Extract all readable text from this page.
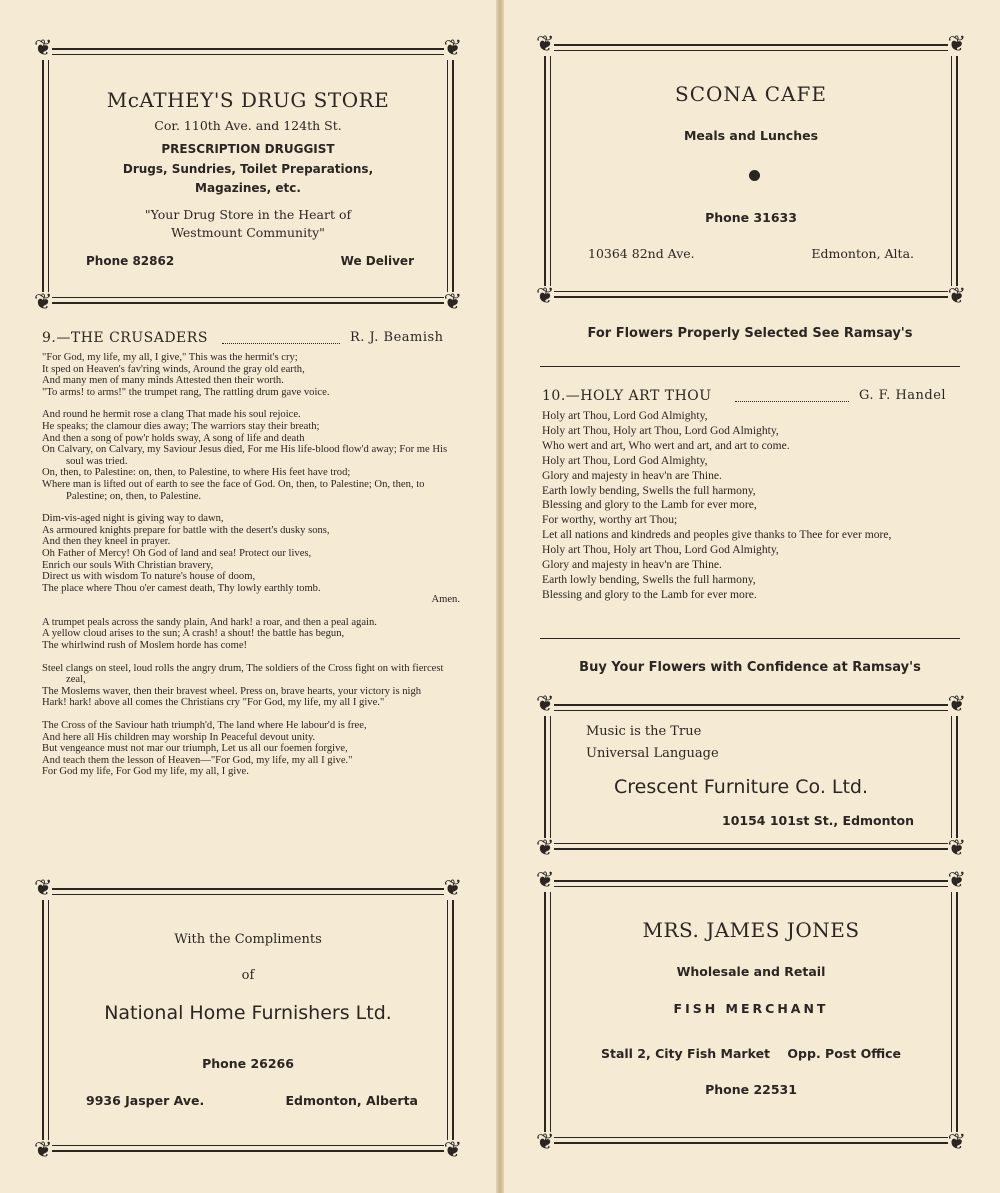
❦	❦
❦	❦
McATHEY'S DRUG STORE
Cor. 110th Ave. and 124th St.
PRESCRIPTION DRUGGIST
Drugs, Sundries, Toilet Preparations,
Magazines, etc.
"Your Drug Store in the Heart of
Westmount Community"
Phone 82862	We Deliver
9.—THE CRUSADERS	R. J. Beamish

"For God, my life, my all, I give," This was the hermit's cry;
It sped on Heaven's fav'ring winds, Around the gray old earth,
And many men of many minds Attested then their worth.
"To arms! to arms!" the trumpet rang, The rattling drum gave voice.

And round he hermit rose a clang That made his soul rejoice.
He speaks; the clamour dies away; The warriors stay their breath;
And then a song of pow'r holds sway, A song of life and death
On Calvary, on Calvary, my Saviour Jesus died, For me His life-blood flow'd away; For me His soul was tried.
On, then, to Palestine: on, then, to Palestine, to where His feet have trod;
Where man is lifted out of earth to see the face of God. On, then, to Palestine; On, then, to Palestine; on, then, to Palestine.

Dim-vis-aged night is giving way to dawn,
As armoured knights prepare for battle with the desert's dusky sons,
And then they kneel in prayer.
Oh Father of Mercy! Oh God of land and sea! Protect our lives,
Enrich our souls With Christian bravery,
Direct us with wisdom To nature's house of doom,
The place where Thou o'er camest death, Thy lowly earthly tomb.

Amen.

A trumpet peals across the sandy plain, And hark! a roar, and then a peal again.
A yellow cloud arises to the sun; A crash! a shout! the battle has begun,
The whirlwind rush of Moslem horde has come!

Steel clangs on steel, loud rolls the angry drum, The soldiers of the Cross fight on with fiercest zeal,
The Moslems waver, then their bravest wheel. Press on, brave hearts, your victory is nigh
Hark! hark! above all comes the Christians cry "For God, my life, my all I give."

The Cross of the Saviour hath triumph'd, The land where He labour'd is free,
And here all His children may worship In Peaceful devout unity.
But vengeance must not mar our triumph, Let us all our foemen forgive,
And teach them the lesson of Heaven—"For God, my life, my all I give."
For God my life, For God my life, my all, I give.

❦	❦
❦	❦
With the Compliments
of
National Home Furnishers Ltd.
Phone 26266
9936 Jasper Ave.	Edmonton, Alberta
❦	❦
❦	❦
SCONA CAFE
Meals and Lunches
Phone 31633
10364 82nd Ave.	Edmonton, Alta.
For Flowers Properly Selected See Ramsay's
10.—HOLY ART THOU	G. F. Handel
Holy art Thou, Lord God Almighty,
Holy art Thou, Holy art Thou, Lord God Almighty,
Who wert and art, Who wert and art, and art to come.
Holy art Thou, Lord God Almighty,
Glory and majesty in heav'n are Thine.
Earth lowly bending, Swells the full harmony,
Blessing and glory to the Lamb for ever more,
For worthy, worthy art Thou;
Let all nations and kindreds and peoples give thanks to Thee for ever more,
Holy art Thou, Holy art Thou, Lord God Almighty,
Glory and majesty in heav'n are Thine.
Earth lowly bending, Swells the full harmony,
Blessing and glory to the Lamb for ever more.
Buy Your Flowers with Confidence at Ramsay's
❦	❦
❦	❦
Music is the True
Universal Language
Crescent Furniture Co. Ltd.
10154 101st St., Edmonton
❦	❦
❦	❦
MRS. JAMES JONES
Wholesale and Retail
FISH MERCHANT
Stall 2, City Fish Market    Opp. Post Office
Phone 22531
